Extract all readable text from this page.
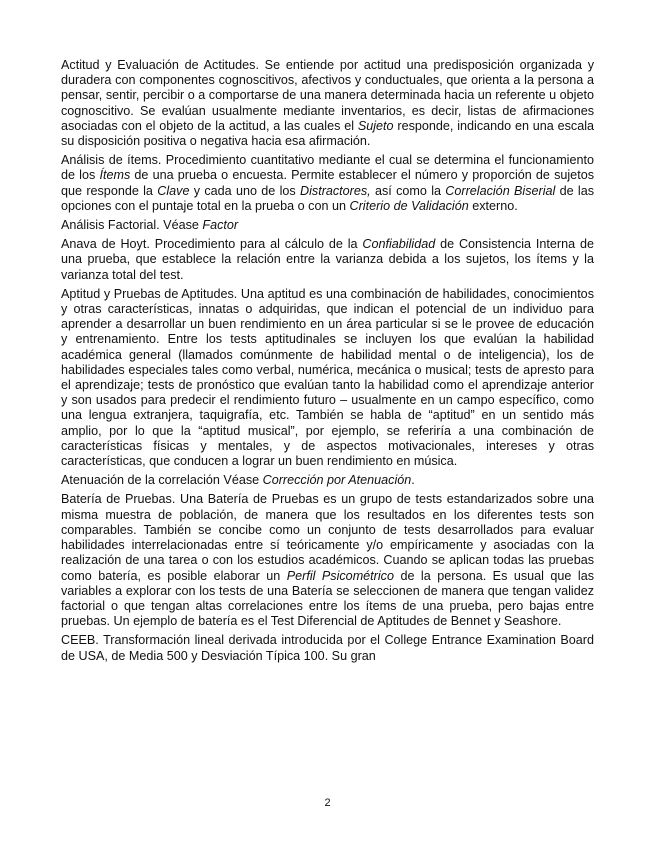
Actitud y Evaluación de Actitudes. Se entiende por actitud una predisposición organizada y duradera con componentes cognoscitivos, afectivos y conductuales, que orienta a la persona a pensar, sentir, percibir o a comportarse de una manera determinada hacia un referente u objeto cognoscitivo. Se evalúan usualmente mediante inventarios, es decir, listas de afirmaciones asociadas con el objeto de la actitud, a las cuales el Sujeto responde, indicando en una escala su disposición positiva o negativa hacia esa afirmación.

Análisis de ítems. Procedimiento cuantitativo mediante el cual se determina el funcionamiento de los Ítems de una prueba o encuesta. Permite establecer el número y proporción de sujetos que responde la Clave y cada uno de los Distractores, así como la Correlación Biserial de las opciones con el puntaje total en la prueba o con un Criterio de Validación externo.

Análisis Factorial. Véase Factor

Anava de Hoyt. Procedimiento para al cálculo de la Confiabilidad de Consistencia Interna de una prueba, que establece la relación entre la varianza debida a los sujetos, los ítems y la varianza total del test.

Aptitud y Pruebas de Aptitudes. Una aptitud es una combinación de habilidades, conocimientos y otras características, innatas o adquiridas, que indican el potencial de un individuo para aprender a desarrollar un buen rendimiento en un área particular si se le provee de educación y entrenamiento. Entre los tests aptitudinales se incluyen los que evalúan la habilidad académica general (llamados comúnmente de habilidad mental o de inteligencia), los de habilidades especiales tales como verbal, numérica, mecánica o musical; tests de apresto para el aprendizaje; tests de pronóstico que evalúan tanto la habilidad como el aprendizaje anterior y son usados para predecir el rendimiento futuro – usualmente en un campo específico, como una lengua extranjera, taquigrafía, etc. También se habla de “aptitud” en un sentido más amplio, por lo que la “aptitud musical”, por ejemplo, se referiría a una combinación de características físicas y mentales, y de aspectos motivacionales, intereses y otras características, que conducen a lograr un buen rendimiento en música.

Atenuación de la correlación Véase Corrección por Atenuación.

Batería de Pruebas. Una Batería de Pruebas es un grupo de tests estandarizados sobre una misma muestra de población, de manera que los resultados en los diferentes tests son comparables. También se concibe como un conjunto de tests desarrollados para evaluar habilidades interrelacionadas entre sí teóricamente y/o empíricamente y asociadas con la realización de una tarea o con los estudios académicos. Cuando se aplican todas las pruebas como batería, es posible elaborar un Perfil Psicométrico de la persona. Es usual que las variables a explorar con los tests de una Batería se seleccionen de manera que tengan validez factorial o que tengan altas correlaciones entre los ítems de una prueba, pero bajas entre pruebas. Un ejemplo de batería es el Test Diferencial de Aptitudes de Bennet y Seashore.

CEEB. Transformación lineal derivada introducida por el College Entrance Examination Board de USA, de Media 500 y Desviación Típica 100. Su gran

2
